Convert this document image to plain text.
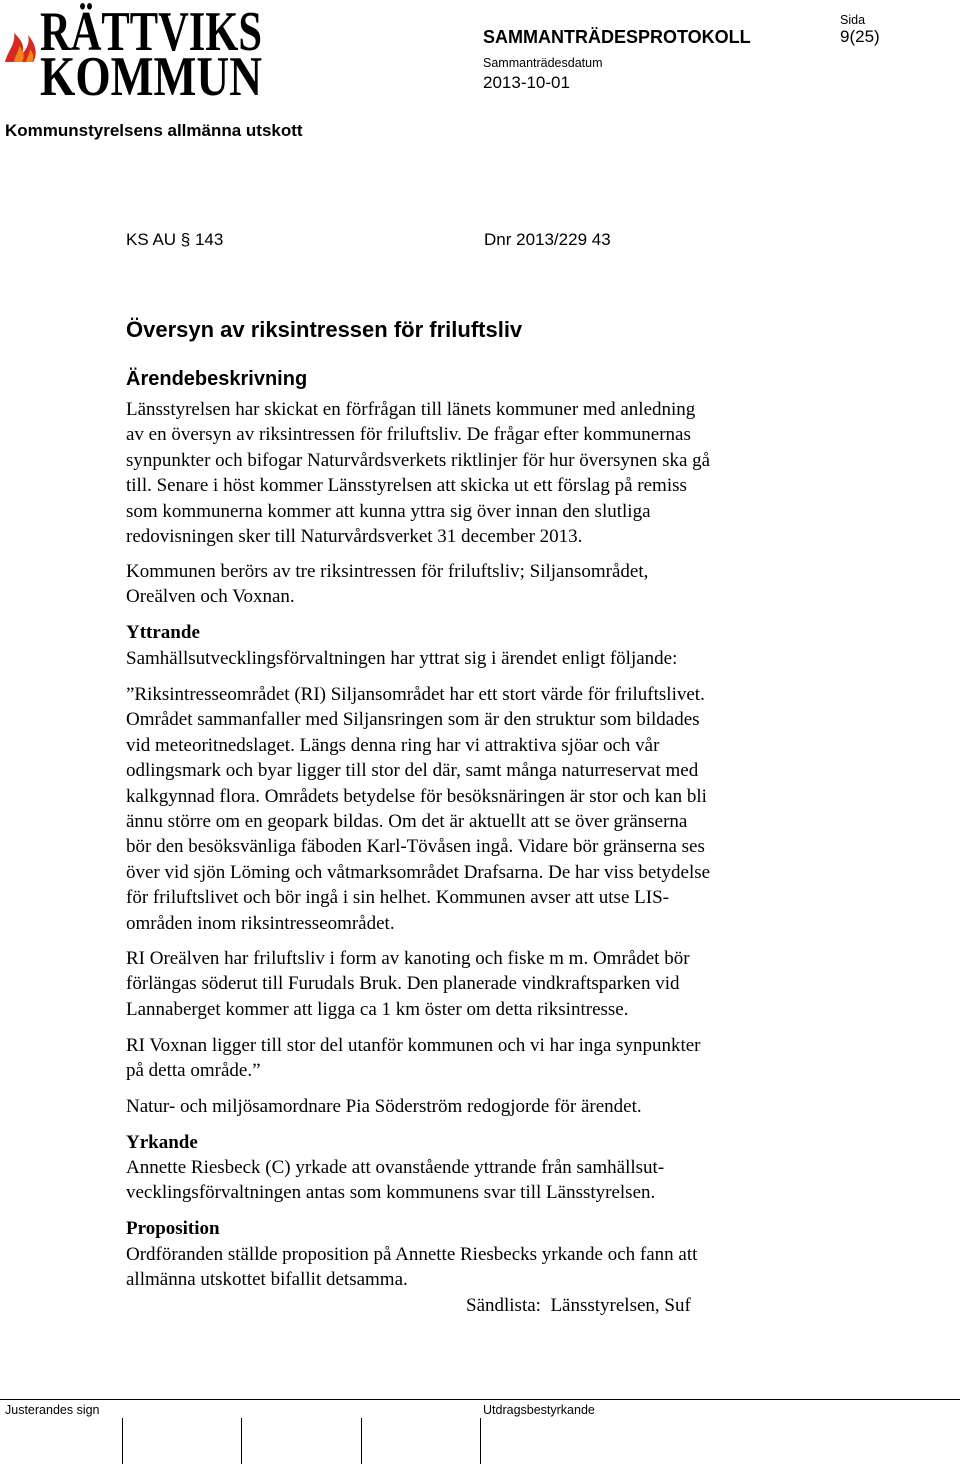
RÄTTVIKS
KOMMUN
SAMMANTRÄDESPROTOKOLL
Sida
9(25)
Sammanträdesdatum
2013-10-01
Kommunstyrelsens allmänna utskott
KS AU § 143	Dnr 2013/229 43
Översyn av riksintressen för friluftsliv
Ärendebeskrivning
Länsstyrelsen har skickat en förfrågan till länets kommuner med anledning
av en översyn av riksintressen för friluftsliv. De frågar efter kommunernas
synpunkter och bifogar Naturvårdsverkets riktlinjer för hur översynen ska gå
till. Senare i höst kommer Länsstyrelsen att skicka ut ett förslag på remiss
som kommunerna kommer att kunna yttra sig över innan den slutliga
redovisningen sker till Naturvårdsverket 31 december 2013.
Kommunen berörs av tre riksintressen för friluftsliv; Siljansområdet,
Oreälven och Voxnan.
Yttrande
Samhällsutvecklingsförvaltningen har yttrat sig i ärendet enligt följande:
”Riksintresseområdet (RI) Siljansområdet har ett stort värde för friluftslivet.
Området sammanfaller med Siljansringen som är den struktur som bildades
vid meteoritnedslaget. Längs denna ring har vi attraktiva sjöar och vår
odlingsmark och byar ligger till stor del där, samt många naturreservat med
kalkgynnad flora. Områdets betydelse för besöksnäringen är stor och kan bli
ännu större om en geopark bildas. Om det är aktuellt att se över gränserna
bör den besöksvänliga fäboden Karl-Tövåsen ingå. Vidare bör gränserna ses
över vid sjön Löming och våtmarksområdet Drafsarna. De har viss betydelse
för friluftslivet och bör ingå i sin helhet. Kommunen avser att utse LIS-
områden inom riksintresseområdet.
RI Oreälven har friluftsliv i form av kanoting och fiske m m. Området bör
förlängas söderut till Furudals Bruk. Den planerade vindkraftsparken vid
Lannaberget kommer att ligga ca 1 km öster om detta riksintresse.
RI Voxnan ligger till stor del utanför kommunen och vi har inga synpunkter
på detta område.”
Natur- och miljösamordnare Pia Söderström redogjorde för ärendet.
Yrkande
Annette Riesbeck (C) yrkade att ovanstående yttrande från samhällsut-
vecklingsförvaltningen antas som kommunens svar till Länsstyrelsen.
Proposition
Ordföranden ställde proposition på Annette Riesbecks yrkande och fann att
allmänna utskottet bifallit detsamma.
Sändlista:  Länsstyrelsen, Suf
Justerandes sign	Utdragsbestyrkande
